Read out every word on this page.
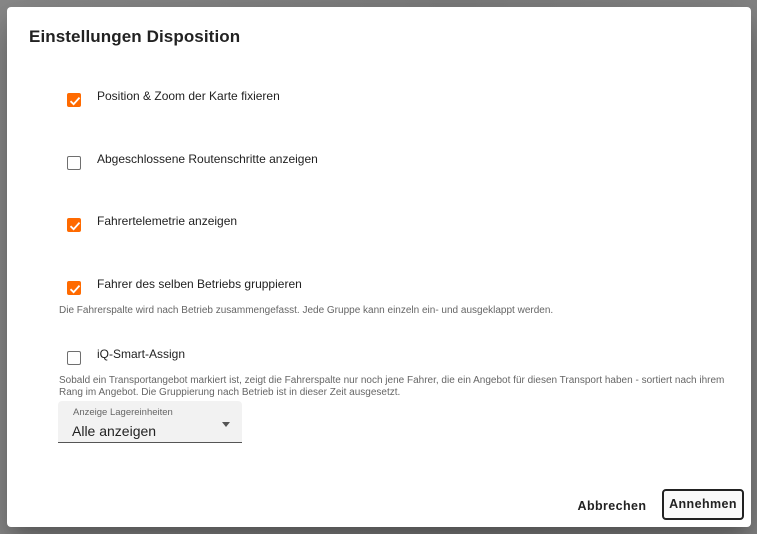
Einstellungen Disposition
Position & Zoom der Karte fixieren
Abgeschlossene Routenschritte anzeigen
Fahrertelemetrie anzeigen
Fahrer des selben Betriebs gruppieren
Die Fahrerspalte wird nach Betrieb zusammengefasst. Jede Gruppe kann einzeln ein- und ausgeklappt werden.
iQ-Smart-Assign
Sobald ein Transportangebot markiert ist, zeigt die Fahrerspalte nur noch jene Fahrer, die ein Angebot für diesen Transport haben - sortiert nach ihrem Rang im Angebot. Die Gruppierung nach Betrieb ist in dieser Zeit ausgesetzt.
Anzeige Lagereinheiten
Alle anzeigen
Abbrechen	Annehmen
